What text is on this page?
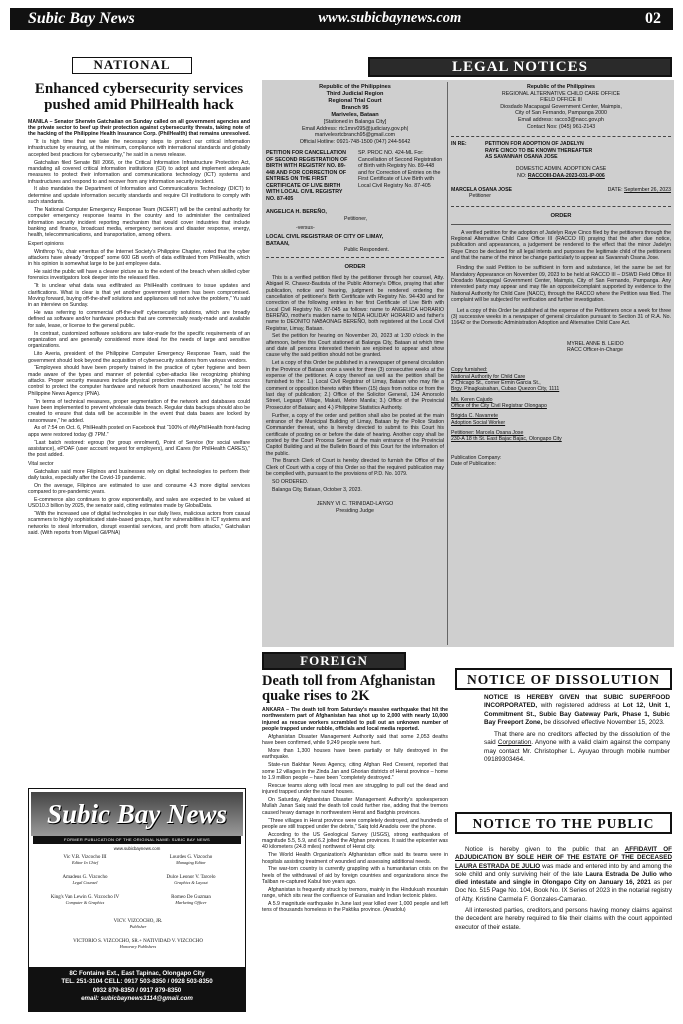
Subic Bay News	www.subicbaynews.com	02
NATIONAL	LEGAL NOTICES
FOREIGN
NOTICE OF DISSOLUTION
NOTICE TO THE PUBLIC
Enhanced cybersecurity services pushed amid PhilHealth hack

MANILA – Senator Sherwin Gatchalian on Sunday called on all government agencies and the private sector to beef up their protection against cybersecurity threats, taking note of the hacking of the Philippine Health Insurance Corp. (PhilHealth) that remains unresolved.

“It is high time that we take the necessary steps to protect our critical information infrastructure by ensuring, at the minimum, compliance with international standards and globally accepted best practices for cybersecurity,” he said in a news release.

Gatchalian filed Senate Bill 2066, or the Critical Information Infrastructure Protection Act, mandating all covered critical information institutions (CII) to adopt and implement adequate measures to protect their information and communications technology (ICT) systems and infrastructures and respond to and recover from any information security incident.

It also mandates the Department of Information and Communications Technology (DICT) to determine and update information security standards and require CII institutions to comply with such standards.

The National Computer Emergency Response Team (NCERT) will be the central authority for computer emergency response teams in the country and to administer the centralized information security incident reporting mechanism that would cover industries that include banking and finance, broadcast media, emergency services and disaster response, energy, health, telecommunications, and transportation, among others.

Expert opinions

Winthrop Yu, chair emeritus of the Internet Society’s Philippine Chapter, noted that the cyber attackers have already “dropped” some 600 GB worth of data exfiltrated from PhilHealth, which in his opinion is somewhat large to be just employee data.

He said the public will have a clearer picture as to the extent of the breach when skilled cyber forensics investigators look deeper into the released files.

“It is unclear what data was exfiltrated as PhilHealth continues to issue updates and clarifications. What is clear is that yet another government system has been compromised. Moving forward, buying off-the-shelf solutions and appliances will not solve the problem,” Yu said in an interview on Sunday.

He was referring to commercial off-the-shelf cybersecurity solutions, which are broadly defined as software and/or hardware products that are commercially ready-made and available for sale, lease, or license to the general public.

In contrast, customized software solutions are tailor-made for the specific requirements of an organization and are generally considered more ideal for the needs of large and sensitive organizations.

Lito Averia, president of the Philippine Computer Emergency Response Team, said the government should look beyond the acquisition of cybersecurity solutions from various vendors.

“Employees should have been properly trained in the practice of cyber hygiene and been made aware of the types and manner of potential cyber-attacks like recognizing phishing attacks. Proper security measures include physical protection measures like physical access control to protect the computer hardware and network from unauthorized access,” he told the Philippine News Agency (PNA).

“In terms of technical measures, proper segmentation of the network and databases could have been implemented to prevent wholesale data breach. Regular data backups should also be created to ensure that data will be accessible in the event that data bases are locked by ransomware,” he added.

As of 7:54 on Oct. 6, PhilHealth posted on Facebook that “100% of #MyPhilHealth front-facing apps were restored today @ 7PM.”

“Last batch restored: egroup (for group enrolment), Point of Service (for social welfare assistance), ePOAF (user account request for employers), and iCares (for PhilHealth CARES),” the post added.

Vital sector

Gatchalian said more Filipinos and businesses rely on digital technologies to perform their daily tasks, especially after the Covid-19 pandemic.

On the average, Filipinos are estimated to use and consume 4.3 more digital services compared to pre-pandemic years.

E-commerce also continues to grow exponentially, and sales are expected to be valued at USD10.3 billion by 2025, the senator said, citing estimates made by GlobalData.

“With the increased use of digital technologies in our daily lives, malicious actors from casual scammers to highly sophisticated state-based groups, hunt for vulnerabilities in ICT systems and networks to steal information, disrupt essential services, and profit from attacks,” Gatchalian said. (With reports from Miguel Gil/PNA)

Subic Bay News
FORMER PUBLICATION OF THE ORIGINAL NAME: SUBIC BAY NEWS
www.subicbaynews.com
Vic V.B. Vizcocho III
Editor In Chief
Lourdes G. Vizcocho
Managing Editor
Amadeus G. Vizcocho
Legal Counsel
Dulce Leonor V. Tarcelo
Graphics & Layout
King's Van Lewin G. Vizcocho IV
Computer & Graphics
Romeo De Guzman
Marketing Officer
VICV. VIZCOCHO, JR.
Publisher
VICTORIO S. VIZCOCHO, SR.+ NATIVIDAD V. VIZCOCHO
Honorary Publishers
8C Fontaine Ext., East Tapinac, Olongapo City
TEL. 251-3104 CELL: 0917 503-8350 / 0928 503-8350
0932 879-8350 / 0917 879-8350
email: subicbaynews3114@gmail.com
Republic of the Philippines
Third Judicial Region
Regional Trial Court
Branch 95
Mariveles, Bataan
[Stationed in Balanga City]
Email Address: rtc1mrv095@judiciary.gov.ph|
marivelesrtcbranch95@gmail.com
Official Hotline: 0921-748-1500 (047) 244-5642
PETITION FOR CANCELLATION OF SECOND REGISTRATION OF BIRTH WITH REGISTRY NO. 89-448 AND FOR CORRECTION OF ENTRIES ON THE FIRST CERTIFICATE OF LIVE BIRTH WITH LOCAL CIVIL REGISTRY NO. 87-405
SP. PROC NO. 424-ML For: Cancellation of Second Registration of Birth with Registry No. 89-448 and for Correction of Entries on the First Certificate of Live Birth with Local Civil Registry No. 87-405
ANGELICA H. BEREÑO,
Petitioner,
-versus-
LOCAL CIVIL REGISTRAR OF CITY OF LIMAY, BATAAN,
Public Respondent.
ORDER

This is a verified petition filed by the petitioner through her counsel, Atty. Abigael R. Chavez-Bautista of the Public Attorney's Office, praying that after publication, notice and hearing, judgment be rendered ordering the cancellation of petitioner's Birth Certificate with Registry No. 94-430 and for correction of the following entries in her first Certificate of Live Birth with Local Civil Registry No. 87-045 as follows: name to ANGELICA HORARIO BEREÑO, mother's maiden name to NIDA HOLIDAY HORARIO and father's name to DEONITO NABAONAG BEREÑO, both registered at the Local Civil Registrar, Limay, Bataan.

Set the petition for hearing on November 20, 2023 at 1:30 o'clock in the afternoon, before this Court stationed at Balanga City, Bataan at which time and date all persons interested therein are enjoined to appear and show cause why the said petition should not be granted.

Let a copy of this Order be published in a newspaper of general circulation in the Province of Bataan once a week for three (3) consecutive weeks at the expense of the petitioner. A copy thereof as well as the petition shall be furnished to the: 1.) Local Civil Registrar of Limay, Bataan who may file a comment or opposition thereto within fifteen (15) days from notice or from the last day of publication; 2.) Office of the Solicitor General, 134 Amorsolo Street, Legaspi Village, Makati, Metro Manila; 3.) Office of the Provincial Prosecutor of Bataan; and 4.) Philippine Statistics Authority.

Further, a copy of the order and petition shall also be posted at the main entrance of the Municipal Building of Limay, Bataan by the Police Station Commander thereat, who is hereby directed to submit to this Court his certificate of posting on or before the date of hearing. Another copy shall be posted by the Court Process Server at the main entrance of the Provincial Capitol Building and at the Bulletin Board of this Court for the information of the public.

The Branch Clerk of Court is hereby directed to furnish the Office of the Clerk of Court with a copy of this Order so that the required publication may be complied with, pursuant to the provisions of P.D. No. 1079.

SO ORDERED.

Balanga City, Bataan, October 3, 2023.

JENNY VI C. TRINIDAD-LAYGO
Presiding Judge
Republic of the Philippines
REGIONAL ALTERNATIVE CHILD CARE OFFICE
FIELD OFFICE III
Diosdado Macapagal Government Center, Maimpis,
City of San Fernando, Pampanga 2000
Email address: racco3@nacc.gov.ph
Contact Nos: (045) 961-2143
IN RE:	PETITION FOR ADOPTION OF JADELYN RAYE CINCO TO BE KNOWN THEREAFTER AS SAVANNAH OSANA JOSE
DOMESTIC ADMIN. ADOPTION CASE
NO: RACCOIII-DAA-2023-031-IP-006
MARCELA OSANA JOSE	DATE: September 26, 2023
Petitioner
ORDER

A verified petition for the adoption of Jadelyn Raye Cinco filed by the petitioners through the Regional Alternative Child Care Office III (RACCO III) praying that the after due notice, publication and appearances, a judgement be rendered to the effect that the minor Jadelyn Raye Cinco be declared for all legal intents and purposes the legitimate child of the petitioners and that the name of the minor be change particularly to appear as Savannah Osana Jose.

Finding the said Petition to be sufficient in form and substance, let the same be set for Mandatory Appearance on November 09, 2023 to be held at RACCO III – DSWD Field Office III Diosdado Macapagal Government Center, Maimpis, City of San Fernando, Pampanga. Any interested party may appear and may file an opposite/complaint supported by evidence to the National Authority for Child Care (NACC), through the RACCO where the Petition was filed. The complaint will be subjected for verification and further investigation.

Let a copy of this Order be published at the expense of the Petitioners once a week for three (3) successive weeks in a newspaper of general circulation pursuant to Section 31 of R.A. No. 11642 or the Domestic Administration Adoption and Alternative Child Care Act.

MYREL ANNE B. LEIDO
RACC Officer-in-Charge
Copy furnished:
National Authority for Child Care
2 Chicago St., corner Ermin Garcia St.,
Brgy. Pinagkaisahan, Cubao Quezon City, 1111
Ms. Keren Cajudo
Office of the City Civil Registrar Olongapo
Brigida C. Navarrete
Adoption Social Worker
Petitioner: Marcela Osana Jose
230-A 18 th St. East Bajac Bajac, Olongapo City
Publication Company:
Date of Publication:
Death toll from Afghanistan quake rises to 2K

ANKARA – The death toll from Saturday's massive earthquake that hit the northwestern part of Afghanistan has shot up to 2,000 with nearly 10,000 injured as rescue workers scrambled to pull out an unknown number of people trapped under rubble, officials and local media reported.

Afghanistan Disaster Management Authority said that some 2,053 deaths have been confirmed, while 9,249 people were hurt.

More than 1,300 houses have been partially or fully destroyed in the earthquake.

State-run Bakhtar News Agency, citing Afghan Red Cresent, reported that some 12 villages in the Zinda Jan and Ghorian districts of Herat province – home to 1.9 million people – have been “completely destroyed.”

Rescue teams along with local men are struggling to pull out the dead and injured trapped under the razed houses.

On Saturday, Afghanistan Disaster Management Authority's spokesperson Mullah Janan Saiq said the death toll could further rise, adding that the tremors caused heavy damage in northwestern Herat and Badghis provinces.

“Three villages in Herat province were completely destroyed, and hundreds of people are still trapped under the debris,” Saiq told Anadolu over the phone.

According to the US Geological Survey (USGS), strong earthquakes of magnitude 5.5, 5.9, and 6.2 jolted the Afghan provinces. It said the epicenter was 40 kilometers (24.8 miles) northwest of Herat city.

The World Health Organization's Afghanistan office said its teams were in hospitals assisting treatment of wounded and assessing additional needs.

The war-torn country is currently grappling with a humanitarian crisis on the heels of the withdrawal of aid by foreign countries and organizations since the Taliban re-captured Kabul two years ago.

Afghanistan is frequently struck by tremors, mainly in the Hindukush mountain range, which sits near the confluence of Eurasian and Indian tectonic plates.

A 5.9 magnitude earthquake in June last year killed over 1,000 people and left tens of thousands homeless in the Paktika province. (Anadolu)

NOTICE IS HEREBY GIVEN that SUBIC SUPERFOOD INCORPORATED, with registered address at Lot 12, Unit 1, Commitment St., Subic Bay Gateway Park, Phase 1, Subic Bay Freeport Zone, be dissolved effective November 15, 2023.

That there are no creditors affected by the dissolution of the said Corporation. Anyone with a valid claim against the company may contact Mr. Christopher L. Ayuyao through mobile number 09189303464.

Notice is hereby given to the public that an AFFIDAVIT OF ADJUDICATION BY SOLE HEIR OF THE ESTATE OF THE DECEASED LAURA ESTRADA DE JULIO was made and entered into by and among the sole child and only surviving heir of the late Laura Estrada De Julio who died intestate and single in Olongapo City on January 16, 2021 as per Doc No. 515 Page No. 104, Book No. IX Series of 2023 in the notarial registry of Atty. Kristine Carmela F. Gonzales-Camarao.

All interested parties, creditors,and persons having money claims against the decedent are hereby required to file their claims with the court appointed executor of their estate.
